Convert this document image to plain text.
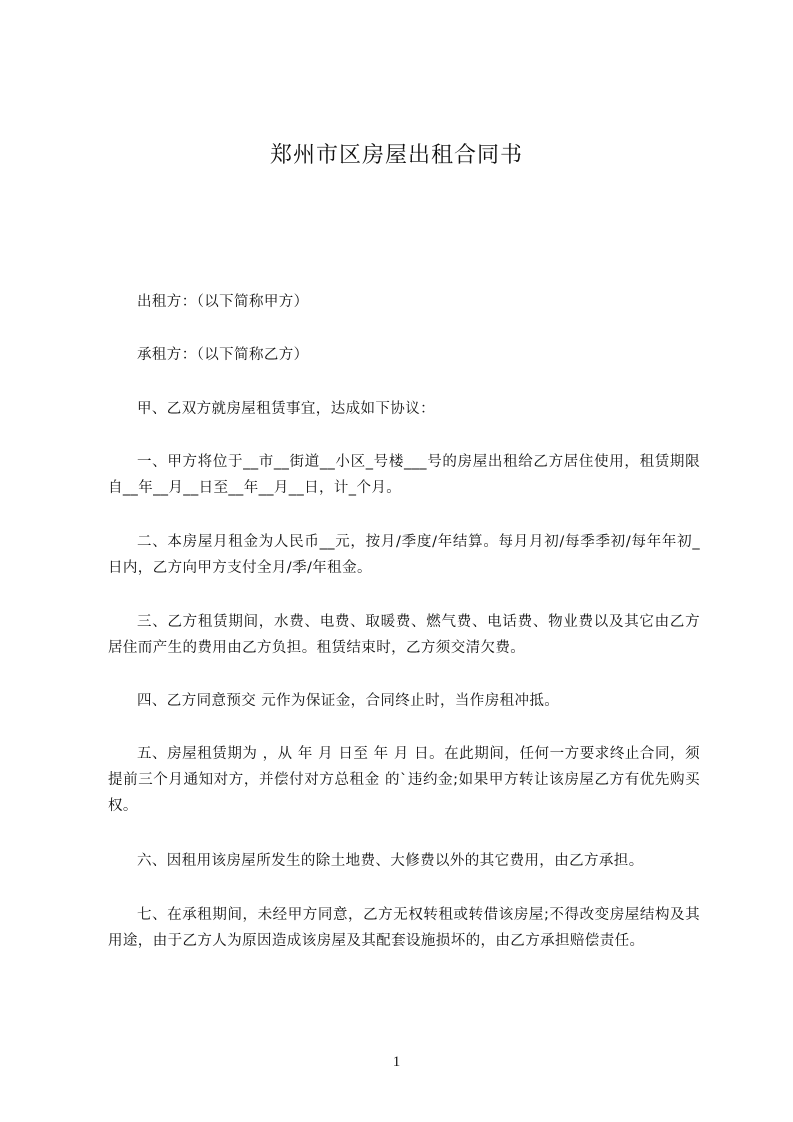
郑州市区房屋出租合同书
出租方：（以下简称甲方）
承租方：（以下简称乙方）
甲、乙双方就房屋租赁事宜，达成如下协议：
一、甲方将位于__市__街道__小区_号楼___号的房屋出租给乙方居住使用，租赁期限自__年__月__日至__年__月__日，计_个月。
二、本房屋月租金为人民币__元，按月/季度/年结算。每月月初/每季季初/每年年初_日内，乙方向甲方支付全月/季/年租金。
三、乙方租赁期间，水费、电费、取暖费、燃气费、电话费、物业费以及其它由乙方居住而产生的费用由乙方负担。租赁结束时，乙方须交清欠费。
四、乙方同意预交 元作为保证金，合同终止时，当作房租冲抵。
五、房屋租赁期为 ，从 年 月 日至 年 月 日。在此期间，任何一方要求终止合同，须提前三个月通知对方，并偿付对方总租金 的`违约金;如果甲方转让该房屋乙方有优先购买权。
六、因租用该房屋所发生的除土地费、大修费以外的其它费用，由乙方承担。
七、在承租期间，未经甲方同意，乙方无权转租或转借该房屋;不得改变房屋结构及其用途，由于乙方人为原因造成该房屋及其配套设施损坏的，由乙方承担赔偿责任。
1
